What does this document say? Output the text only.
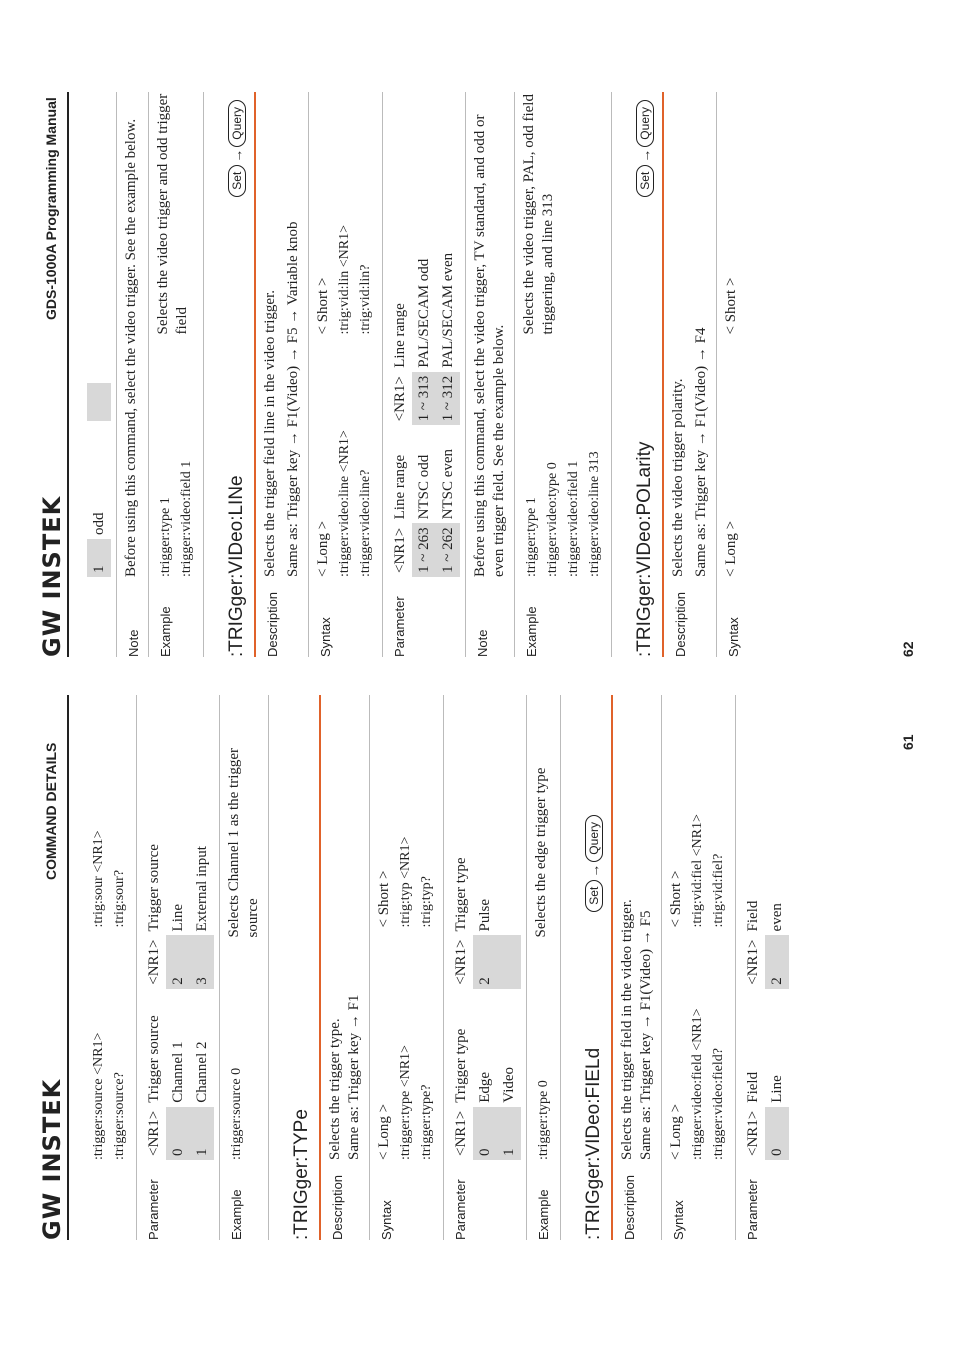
GW INSTEK
COMMAND DETAILS
:trigger:source <NR1> :trigger:source?
:trig:sour <NR1> :trig:sour?
Parameter
<NR1>	Trigger source	<NR1>	Trigger source
0	Channel 1	2	Line
1	Channel 2	3	External input
Example
:trigger:source 0
Selects Channel 1 as the trigger source
:TRIGger:TYPe	Description
Selects the trigger type. Same as: Trigger key → F1
Syntax
< Long > :trigger:type <NR1> :trigger:type?
< Short > :trig:typ <NR1> :trig:typ?
Parameter
<NR1>	Trigger type	<NR1>	Trigger type
0	Edge	2	Pulse
1	Video		
Example
:trigger:type 0
Selects the edge trigger type
:TRIGger:VIDeo:FIELd
Set
→
Query
Description
Selects the trigger field in the video trigger. Same as: Trigger key → F1(Video) → F5
Syntax
< Long > :trigger:video:field <NR1> :trigger:video:field?
< Short > :trig:vid:fiel <NR1> :trig:vid:fiel?
Parameter
<NR1>	Field	<NR1>	Field
0	Line	2	even
61
GW INSTEK
GDS-1000A Programming Manual
1	odd		
Note
Before using this command, select the video trigger. See the example below.
Example
:trigger:type 1 :trigger:video:field 1
Selects the video trigger and odd trigger field
:TRIGger:VIDeo:LINe
Set
→
Query
Description
Selects the trigger field line in the video trigger. Same as: Trigger key → F1(Video) → F5 → Variable knob
Syntax
< Long > :trigger:video:line <NR1> :trigger:video:line?
< Short > :trig:vid:lin <NR1> :trig:vid:lin?
Parameter
<NR1>	Line range	<NR1>	Line range
1 ~ 263	NTSC odd	1 ~ 313	PAL/SECAM odd
1 ~ 262	NTSC even	1 ~ 312	PAL/SECAM even
Note
Before using this command, select the video trigger, TV standard, and odd or even trigger field. See the example below.
Example
:trigger:type 1 :trigger:video:type 0 :trigger:video:field 1 :trigger:video:line 313
Selects the video trigger, PAL, odd field triggering, and line 313
:TRIGger:VIDeo:POLarity
Set
→
Query
Description
Selects the video trigger polarity. Same as: Trigger key → F1(Video) → F4
Syntax
< Long >
< Short >
62
